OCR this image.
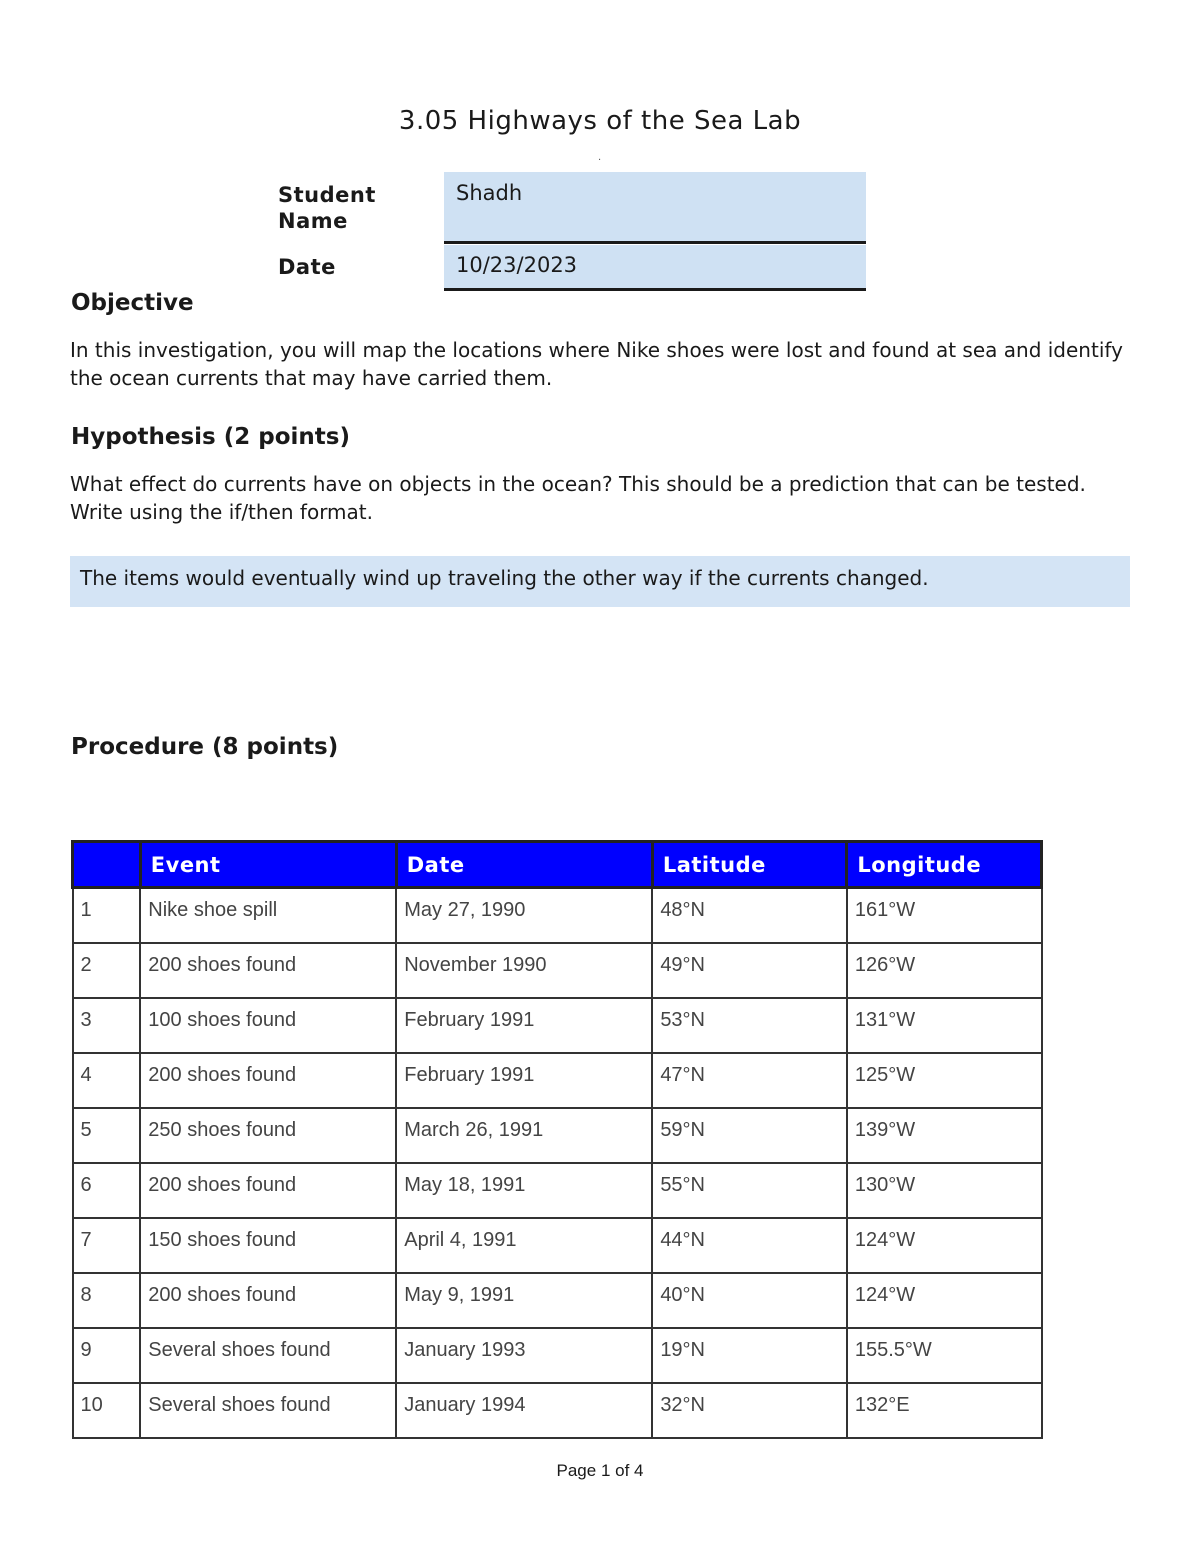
3.05 Highways of the Sea Lab
.
Student Name
Shadh
Date	10/23/2023
Objective
In this investigation, you will map the locations where Nike shoes were lost and found at sea and identify the ocean currents that may have carried them.
Hypothesis (2 points)
What effect do currents have on objects in the ocean? This should be a prediction that can be tested. Write using the if/then format.
The items would eventually wind up traveling the other way if the currents changed.
Procedure (8 points)
	Event	Date	Latitude	Longitude
1	Nike shoe spill	May 27, 1990	48°N	161°W
2	200 shoes found	November 1990	49°N	126°W
3	100 shoes found	February 1991	53°N	131°W
4	200 shoes found	February 1991	47°N	125°W
5	250 shoes found	March 26, 1991	59°N	139°W
6	200 shoes found	May 18, 1991	55°N	130°W
7	150 shoes found	April 4, 1991	44°N	124°W
8	200 shoes found	May 9, 1991	40°N	124°W
9	Several shoes found	January 1993	19°N	155.5°W
10	Several shoes found	January 1994	32°N	132°E
Page 1 of 4
